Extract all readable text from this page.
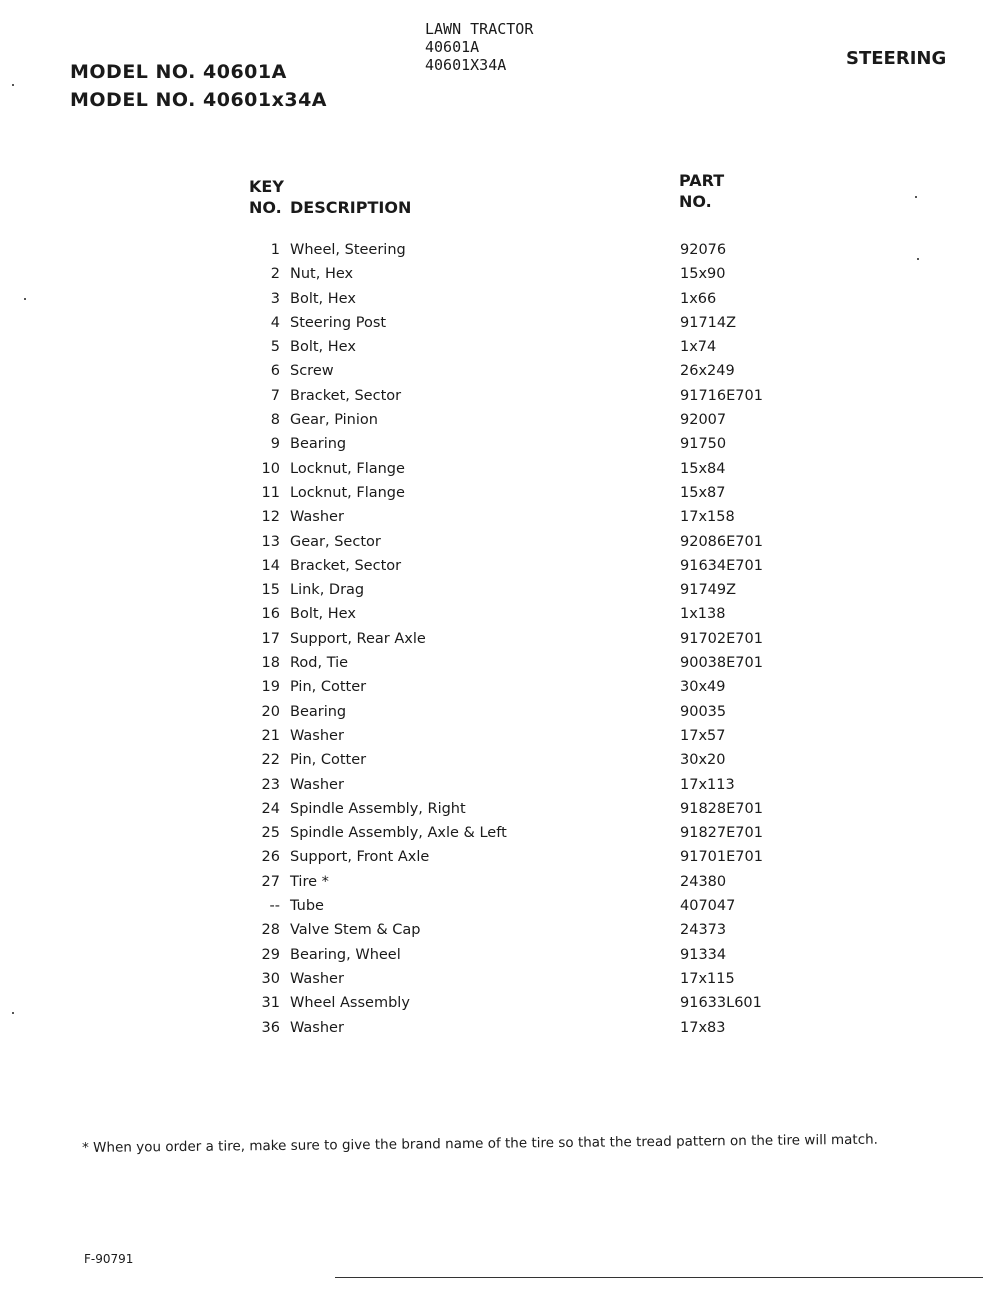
MODEL NO. 40601A
MODEL NO. 40601x34A
LAWN TRACTOR
40601A
40601X34A	STEERING
KEY
NO. DESCRIPTION
PART
NO.
1 Wheel, Steering	92076
2 Nut, Hex	15x90
3 Bolt, Hex	1x66
4 Steering Post	91714Z
5 Bolt, Hex	1x74
6 Screw	26x249
7 Bracket, Sector	91716E701
8 Gear, Pinion	92007
9 Bearing	91750
10 Locknut, Flange	15x84
11 Locknut, Flange	15x87
12 Washer	17x158
13 Gear, Sector	92086E701
14 Bracket, Sector	91634E701
15 Link, Drag	91749Z
16 Bolt, Hex	1x138
17 Support, Rear Axle	91702E701
18 Rod, Tie	90038E701
19 Pin, Cotter	30x49
20 Bearing	90035
21 Washer	17x57
22 Pin, Cotter	30x20
23 Washer	17x113
24 Spindle Assembly, Right	91828E701
25 Spindle Assembly, Axle & Left	91827E701
26 Support, Front Axle	91701E701
27 Tire *	24380
-- Tube	407047
28 Valve Stem & Cap	24373
29 Bearing, Wheel	91334
30 Washer	17x115
31 Wheel Assembly	91633L601
36 Washer	17x83
* When you order a tire, make sure to give the brand name of the tire so that the tread pattern on the tire will match.
F-90791
